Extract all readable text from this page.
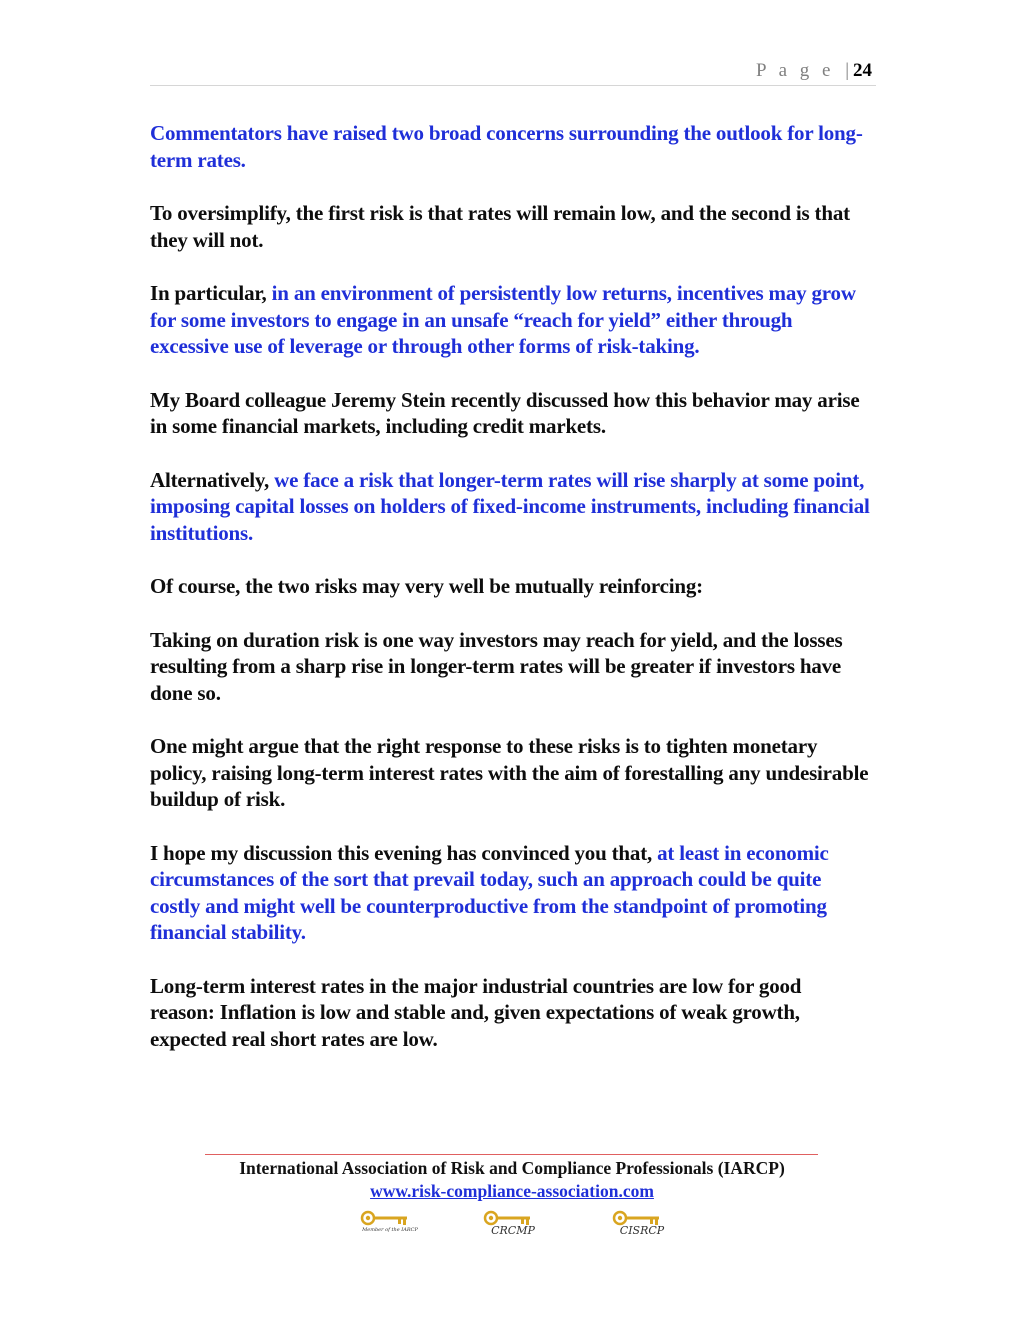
P a g e | 24

Commentators have raised two broad concerns surrounding the outlook for long-term rates.

To oversimplify, the first risk is that rates will remain low, and the second is that they will not.

In particular, in an environment of persistently low returns, incentives may grow for some investors to engage in an unsafe “reach for yield” either through excessive use of leverage or through other forms of risk-taking.

My Board colleague Jeremy Stein recently discussed how this behavior may arise in some financial markets, including credit markets.

Alternatively, we face a risk that longer-term rates will rise sharply at some point, imposing capital losses on holders of fixed-income instruments, including financial institutions.

Of course, the two risks may very well be mutually reinforcing:

Taking on duration risk is one way investors may reach for yield, and the losses resulting from a sharp rise in longer-term rates will be greater if investors have done so.

One might argue that the right response to these risks is to tighten monetary policy, raising long-term interest rates with the aim of forestalling any undesirable buildup of risk.

I hope my discussion this evening has convinced you that, at least in economic circumstances of the sort that prevail today, such an approach could be quite costly and might well be counterproductive from the standpoint of promoting financial stability.

Long-term interest rates in the major industrial countries are low for good reason: Inflation is low and stable and, given expectations of weak growth, expected real short rates are low.

International Association of Risk and Compliance Professionals (IARCP)
www.risk-compliance-association.com
Member of the IARCP	CRCMP	CISRCP
